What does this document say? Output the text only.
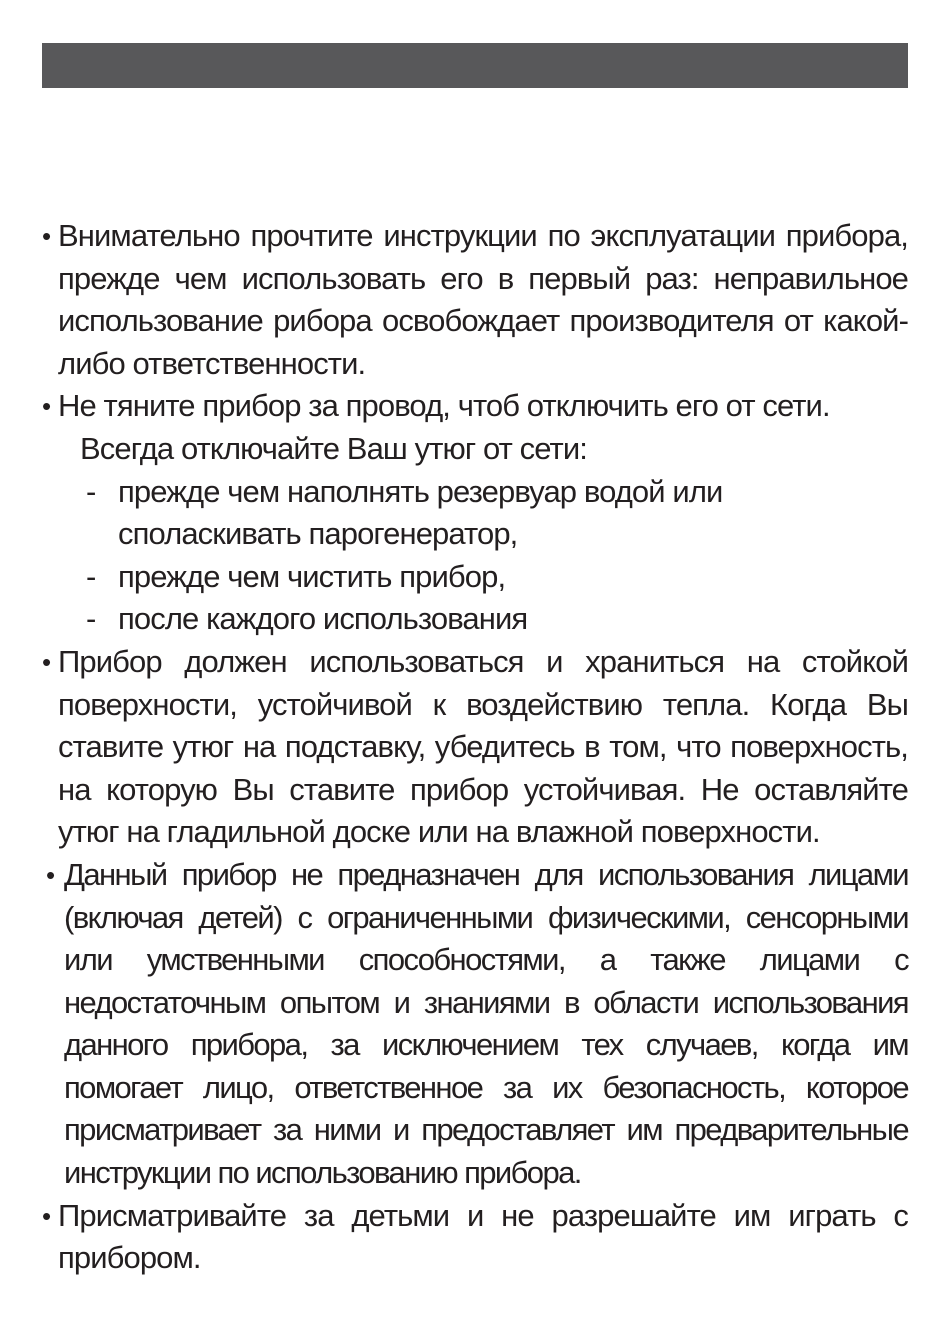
• Внимательно прочтите инструкции по эксплуатации прибора, прежде чем использовать его в первый раз: неправильное использование рибора освобождает производителя от какой-либо ответственности.
• Не тяните прибор за провод, чтоб отключить его от сети.
Всегда отключайте Ваш утюг от сети:
- прежде чем наполнять резервуар водой или споласкивать парогенератор,
- прежде чем чистить прибор,
- после каждого использования
• Прибор должен использоваться и храниться на стойкой поверхности, устойчивой к воздействию тепла. Когда Вы ставите утюг на подставку, убедитесь в том, что поверхность, на которую Вы ставите прибор устойчивая. Не оставляйте утюг на гладильной доске или на влажной поверхности.
• Данный прибор не предназначен для использования лицами (включая детей) с ограниченными физическими, сенсорными или умственными способностями, а также лицами с недостаточным опытом и знаниями в области использования данного прибора, за исключением тех случаев, когда им помогает лицо, ответственное за их безопасность, которое присматривает за ними и предоставляет им предварительные инструкции по использованию прибора.
• Присматривайте за детьми и не разрешайте им играть с прибором.
